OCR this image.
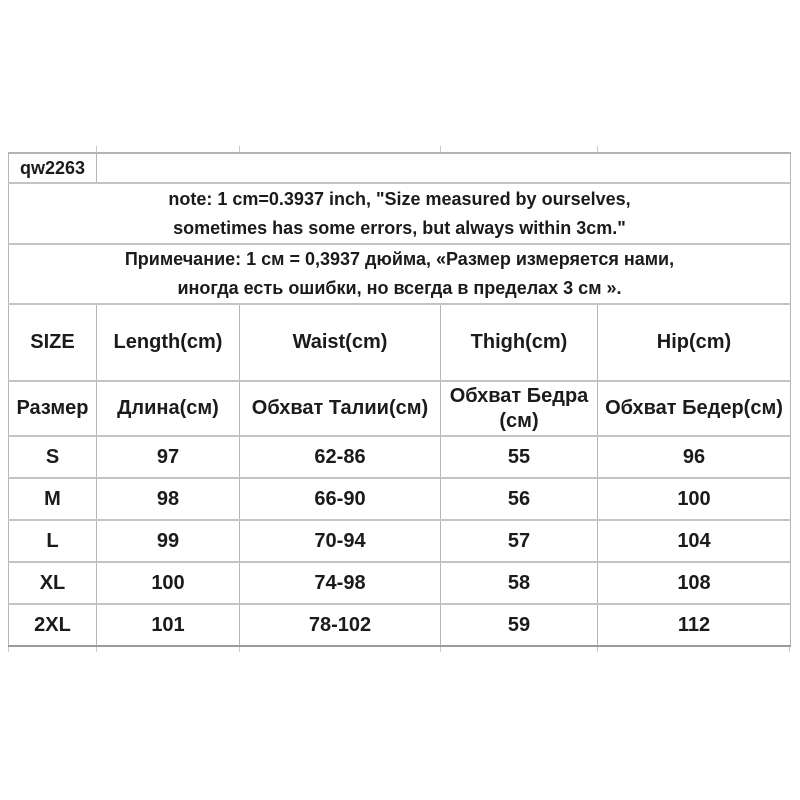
qw2263				

note: 1 cm=0.3937 inch, "Size measured by ourselves,
sometimes has some errors, but always within 3cm."				

Примечание: 1 см = 0,3937 дюйма, «Размер измеряется нами,
иногда есть ошибки, но всегда в пределах 3 см ».				

SIZE	Length(cm)	Waist(cm)	Thigh(cm)	Hip(cm)
Размер	Длина(см)	Обхват Талии(см)	Обхват Бедра (см)	Обхват Бедер(см)
S	97	62-86	55	96
M	98	66-90	56	100
L	99	70-94	57	104
XL	100	74-98	58	108
2XL	101	78-102	59	112
